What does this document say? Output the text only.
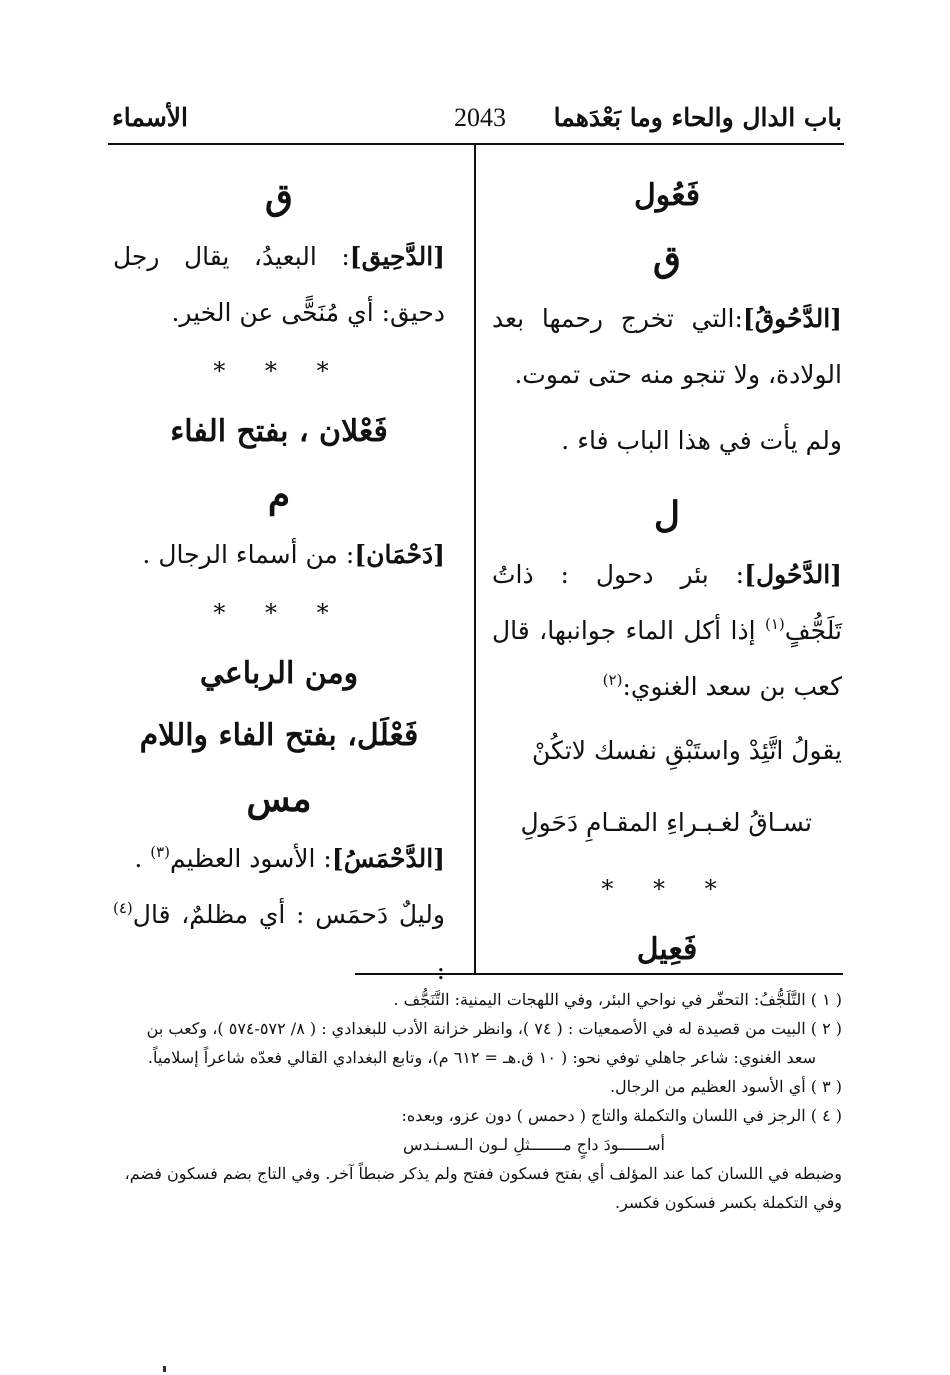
باب الدال والحاء وما بَعْدَهما
2043
الأسماء
فَعُول
ق

[الدَّحُوقُ]:التي تخرج رحمها بعد الولادة، ولا تنجو منه حتى تموت.

ولم يأت في هذا الباب فاء .

ل

[الدَّحُول]: بئر دحول : ذاتُ تَلَجُّفٍ$^{(١)}$ إذا أكل الماء جوانبها، قال كعب بن سعد الغنوي:$^{(٢)}$

يقولُ اتَّئِدْ واستَبْقِ نفسك لاتكُنْ

تسـاقُ لغـبـراءِ المقـامِ دَحَولِ

* * *
فَعِيل
ق

[الدَّحِيق]: البعيدُ، يقال رجل دحيق: أي مُنَحًّى عن الخير.

* * *
فَعْلان ، بفتح الفاء
م

[دَحْمَان]: من أسماء الرجال .

* * *
ومن الرباعي
فَعْلَل، بفتح الفاء واللام
مس

[الدَّحْمَسُ]: الأسود العظيم$^{(٣)}$ .

وليلٌ دَحمَس : أي مظلمٌ، قال$^{(٤)}$ :

( ١ ) التَّلَجُّفُ: التحفّر في نواحي البئر، وفي اللهجات اليمنية: التَّنَجُّف .

( ٢ ) البيت من قصيدة له في الأصمعيات : ( ٧٤ )، وانظر خزانة الأدب للبغدادي : ( ٨/ ٥٧٢-٥٧٤ )، وكعب بن

سعد الغنوي: شاعر جاهلي توفي نحو: ( ١٠ ق.هـ = ٦١٢ م)، وتابع البغدادي القالي فعدّه شاعراً إسلامياً.

( ٣ ) أي الأسود العظيم من الرجال.

( ٤ ) الرجز في اللسان والتكملة والتاج ( دحمس ) دون عزو، وبعده:

أســــــودَ داجٍ مـــــــثلِ لـون الـسـنـدس

وضبطه في اللسان كما عند المؤلف أي بفتح فسكون ففتح ولم يذكر ضبطاً آخر. وفي التاج بضم فسكون فضم،

وفي التكملة بكسر فسكون فكسر.
